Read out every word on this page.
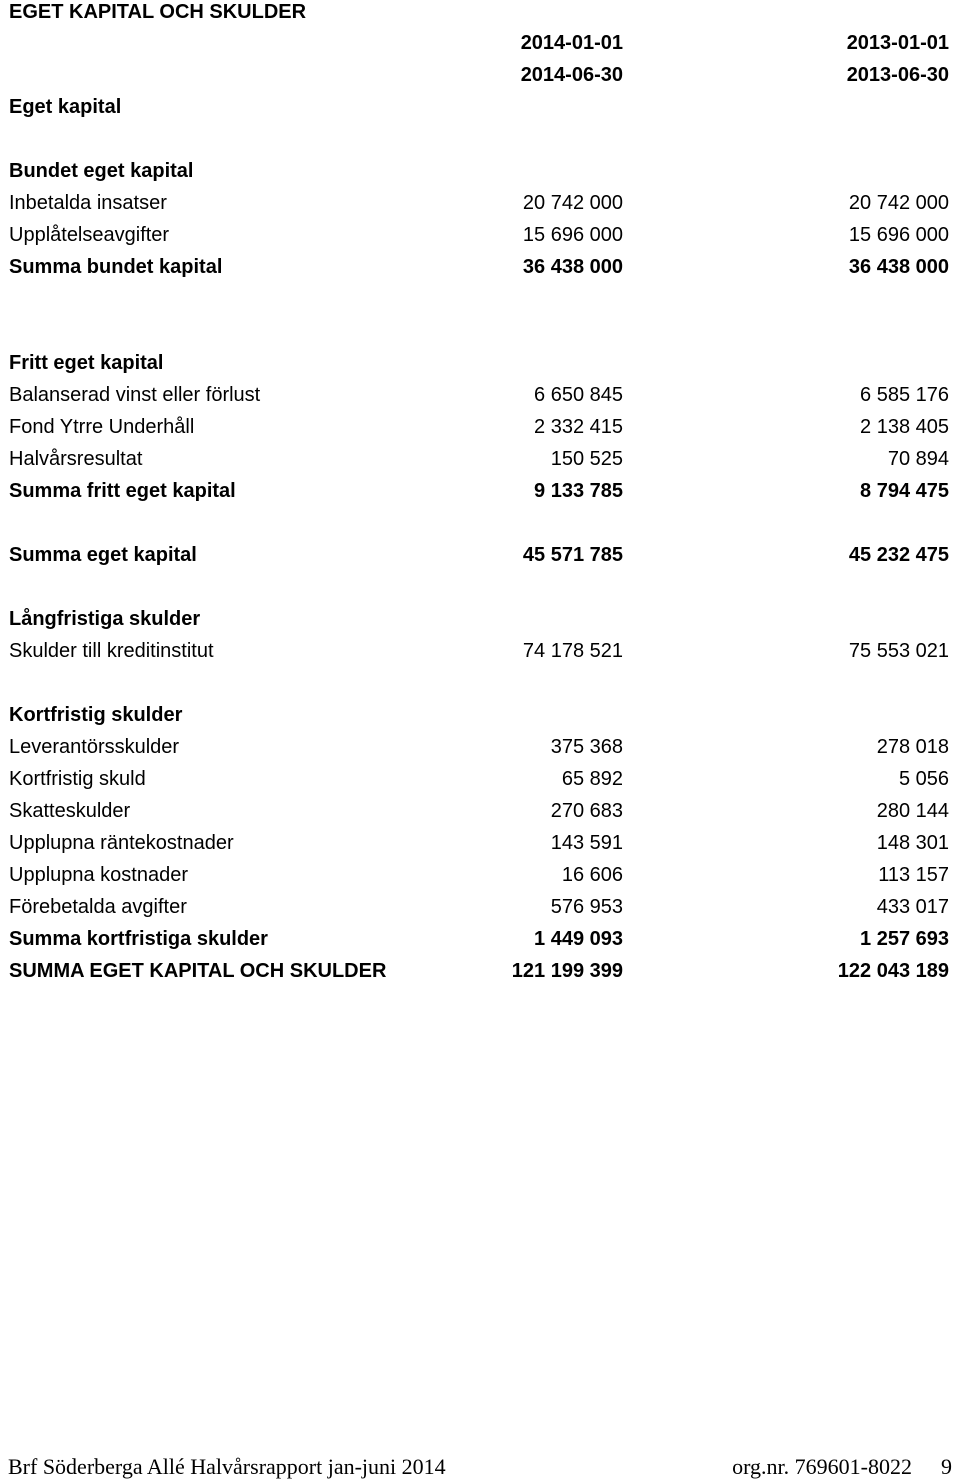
EGET KAPITAL OCH SKULDER
2014-01-01	2013-01-01
2014-06-30	2013-06-30
Eget kapital
Bundet eget kapital
Inbetalda insatser	20 742 000	20 742 000
Upplåtelseavgifter	15 696 000	15 696 000
Summa bundet kapital	36 438 000	36 438 000
Fritt eget kapital
Balanserad vinst eller förlust	6 650 845	6 585 176
Fond Ytrre Underhåll	2 332 415	2 138 405
Halvårsresultat	150 525	70 894
Summa fritt eget kapital	9 133 785	8 794 475
Summa eget kapital	45 571 785	45 232 475
Långfristiga skulder
Skulder till kreditinstitut	74 178 521	75 553 021
Kortfristig skulder
Leverantörsskulder	375 368	278 018
Kortfristig skuld	65 892	5 056
Skatteskulder	270 683	280 144
Upplupna räntekostnader	143 591	148 301
Upplupna kostnader	16 606	113 157
Förebetalda avgifter	576 953	433 017
Summa kortfristiga skulder	1 449 093	1 257 693
SUMMA EGET KAPITAL OCH SKULDER	121 199 399	122 043 189
Brf Söderberga Allé Halvårsrapport jan-juni 2014	org.nr. 769601-8022 9
